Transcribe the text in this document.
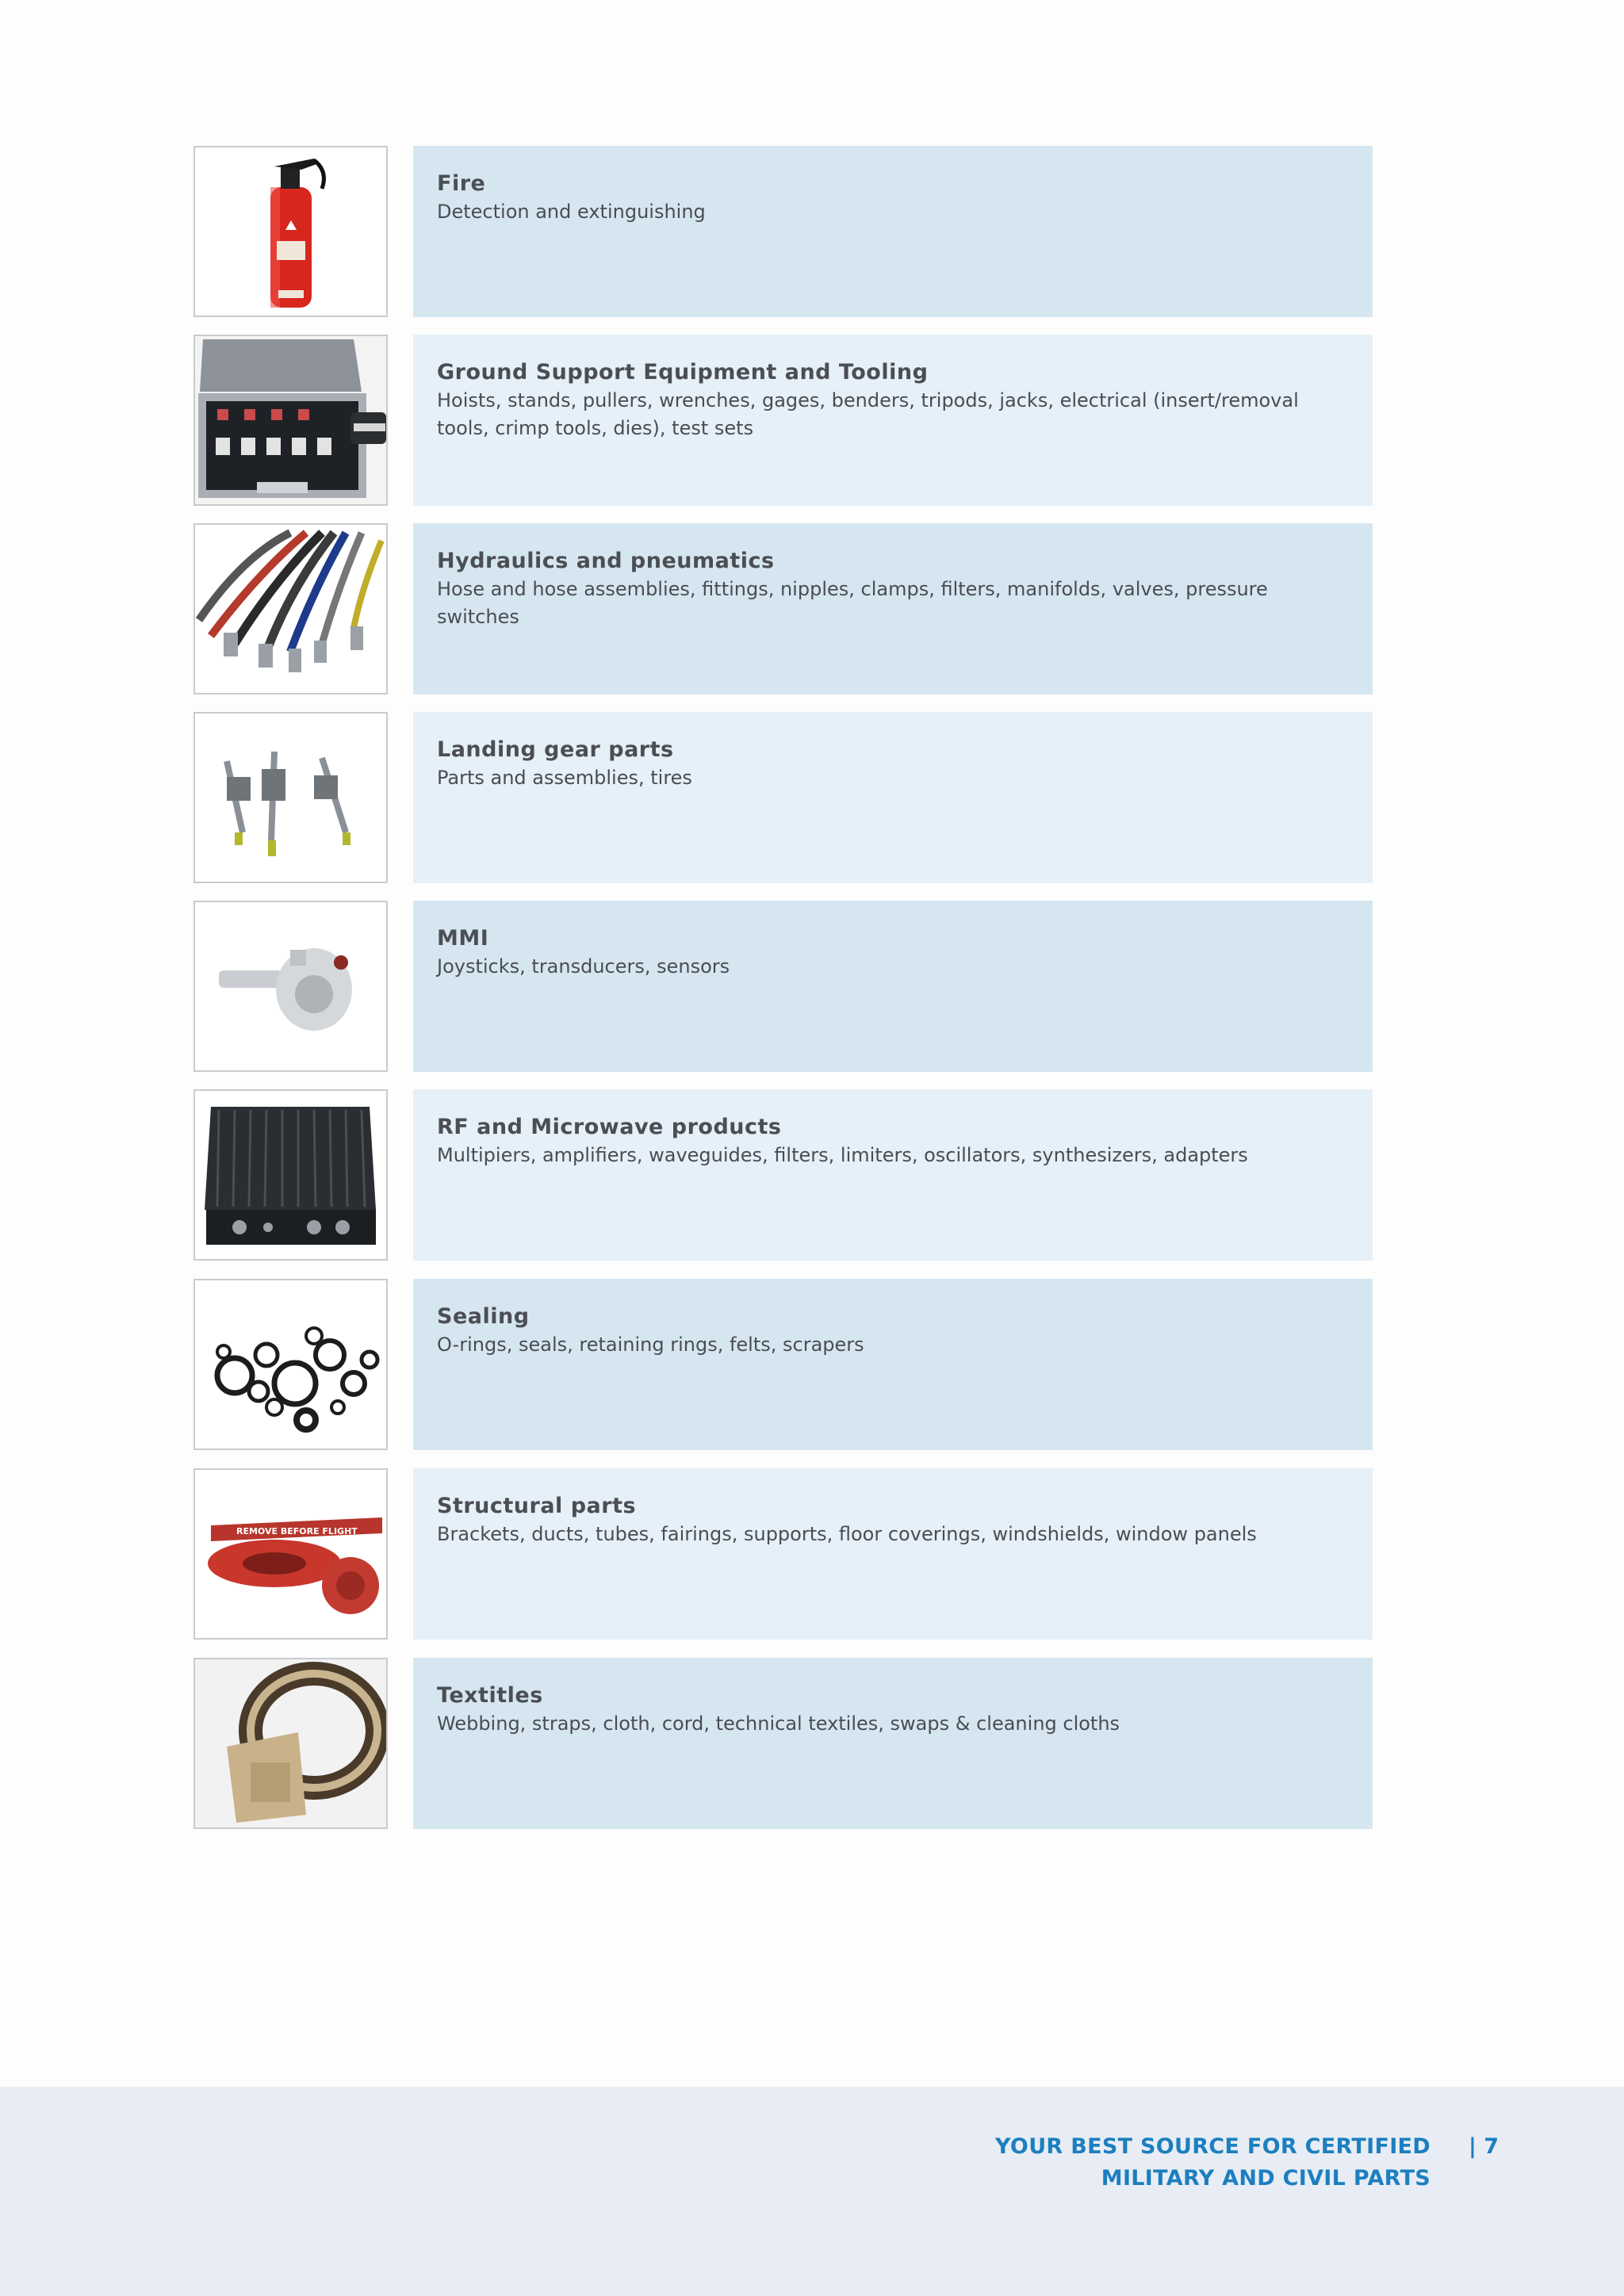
Fire
Detection and extinguishing
Ground Support Equipment and Tooling
Hoists, stands, pullers, wrenches, gages, benders, tripods, jacks, electrical (insert/removal tools, crimp tools, dies), test sets
Hydraulics and pneumatics
Hose and hose assemblies, fittings, nipples, clamps, filters, manifolds, valves, pressure switches
Landing gear parts
Parts and assemblies, tires
MMI
Joysticks, transducers, sensors
RF and Microwave products
Multipiers, amplifiers, waveguides, filters, limiters, oscillators, synthesizers, adapters
Sealing
O-rings, seals, retaining rings, felts, scrapers
REMOVE BEFORE FLIGHT
Structural parts
Brackets, ducts, tubes, fairings, supports, floor coverings, windshields, window panels
Textitles
Webbing, straps, cloth, cord, technical textiles, swaps & cleaning cloths
YOUR BEST SOURCE FOR CERTIFIED
MILITARY AND CIVIL PARTS
| 7
